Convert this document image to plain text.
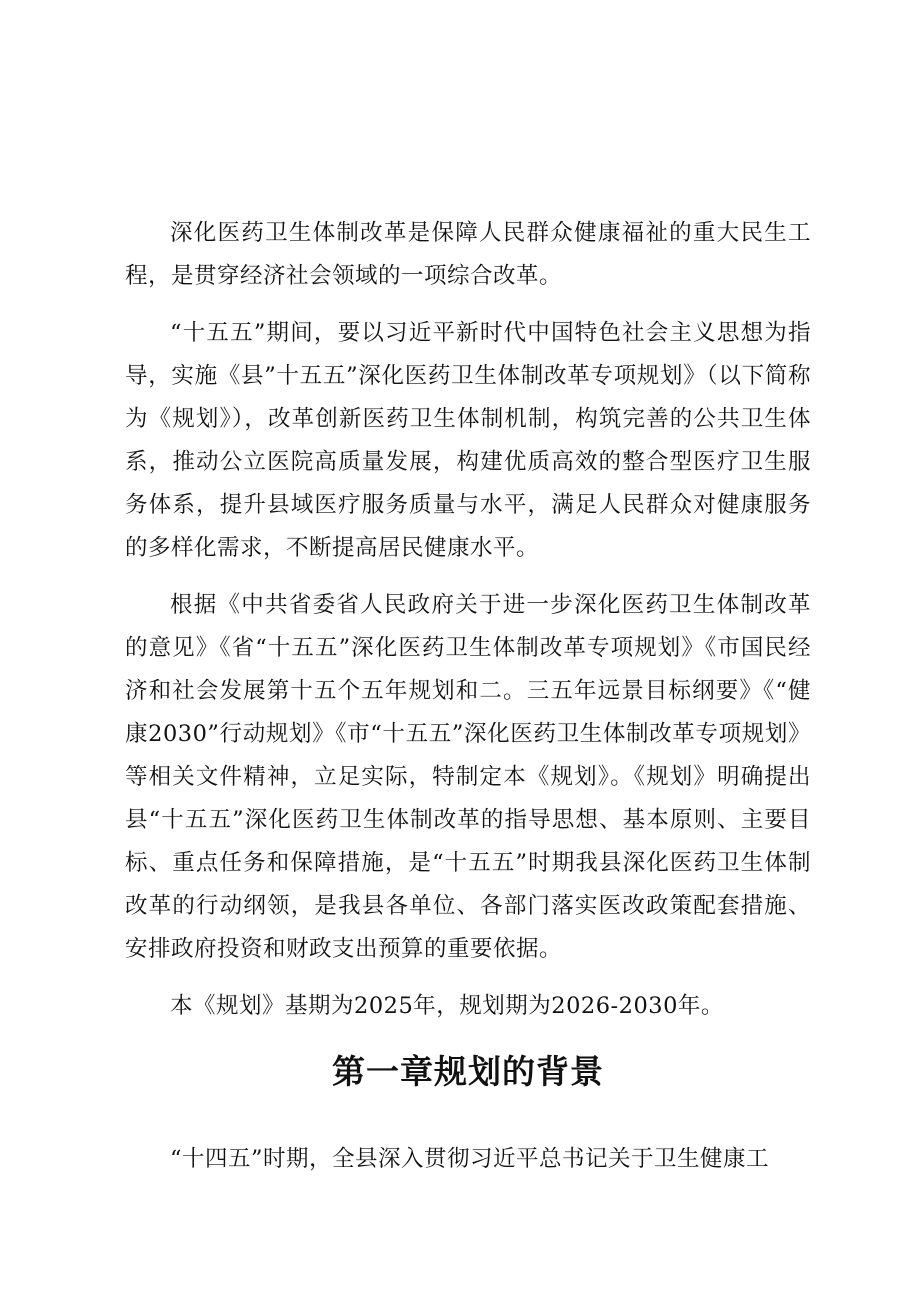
深化医药卫生体制改革是保障人民群众健康福祉的重大民生工程，是贯穿经济社会领域的一项综合改革。

“十五五”期间，要以习近平新时代中国特色社会主义思想为指导，实施《县”十五五”深化医药卫生体制改革专项规划》（以下简称为《规划》），改革创新医药卫生体制机制，构筑完善的公共卫生体系，推动公立医院高质量发展，构建优质高效的整合型医疗卫生服务体系，提升县域医疗服务质量与水平，满足人民群众对健康服务的多样化需求，不断提高居民健康水平。

根据《中共省委省人民政府关于进一步深化医药卫生体制改革的意见》《省“十五五”深化医药卫生体制改革专项规划》《市国民经济和社会发展第十五个五年规划和二。三五年远景目标纲要》《“健康2030”行动规划》《市“十五五”深化医药卫生体制改革专项规划》等相关文件精神，立足实际，特制定本《规划》。《规划》明确提出县“十五五”深化医药卫生体制改革的指导思想、基本原则、主要目标、重点任务和保障措施，是“十五五”时期我县深化医药卫生体制改革的行动纲领，是我县各单位、各部门落实医改政策配套措施、安排政府投资和财政支出预算的重要依据。

本《规划》基期为2025年，规划期为2026-2030年。

第一章规划的背景

“十四五”时期，全县深入贯彻习近平总书记关于卫生健康工
